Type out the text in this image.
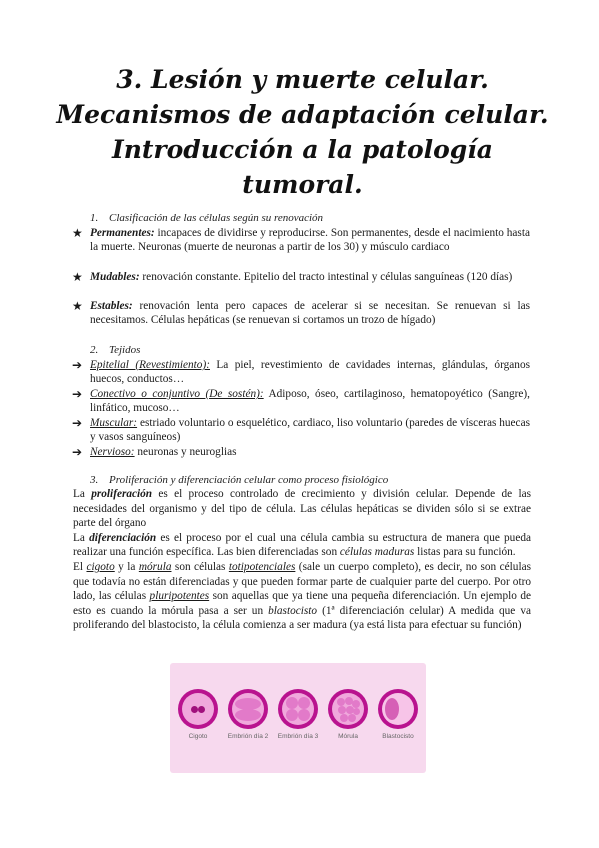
3. Lesión y muerte celular.
Mecanismos de adaptación celular.
Introducción a la patología
tumoral.
1. Clasificación de las células según su renovación
★ Permanentes: incapaces de dividirse y reproducirse. Son permanentes, desde el nacimiento hasta la muerte. Neuronas (muerte de neuronas a partir de los 30) y músculo cardiaco
★ Mudables: renovación constante. Epitelio del tracto intestinal y células sanguíneas (120 días)
★ Estables: renovación lenta pero capaces de acelerar si se necesitan. Se renuevan si las necesitamos. Células hepáticas (se renuevan si cortamos un trozo de hígado)
2. Tejidos
➔ Epitelial (Revestimiento): La piel, revestimiento de cavidades internas, glándulas, órganos huecos, conductos…
➔ Conectivo o conjuntivo (De sostén): Adiposo, óseo, cartilaginoso, hematopoyético (Sangre), linfático, mucoso…
➔ Muscular: estriado voluntario o esquelético, cardiaco, liso voluntario (paredes de vísceras huecas y vasos sanguíneos)
➔ Nervioso: neuronas y neuroglias
3. Proliferación y diferenciación celular como proceso fisiológico

La proliferación es el proceso controlado de crecimiento y división celular. Depende de las necesidades del organismo y del tipo de célula. Las células hepáticas se dividen sólo si se extrae parte del órgano

La diferenciación es el proceso por el cual una célula cambia su estructura de manera que pueda realizar una función específica. Las bien diferenciadas son células maduras listas para su función.

El cigoto y la mórula son células totipotenciales (sale un cuerpo completo), es decir, no son células que todavía no están diferenciadas y que pueden formar parte de cualquier parte del cuerpo. Por otro lado, las células pluripotentes son aquellas que ya tiene una pequeña diferenciación. Un ejemplo de esto es cuando la mórula pasa a ser un blastocisto (1ª diferenciación celular) A medida que va proliferando del blastocisto, la célula comienza a ser madura (ya está lista para efectuar su función)

Cigoto	Embrión día 2 Embrión día 3	Mórula	Blastocisto
